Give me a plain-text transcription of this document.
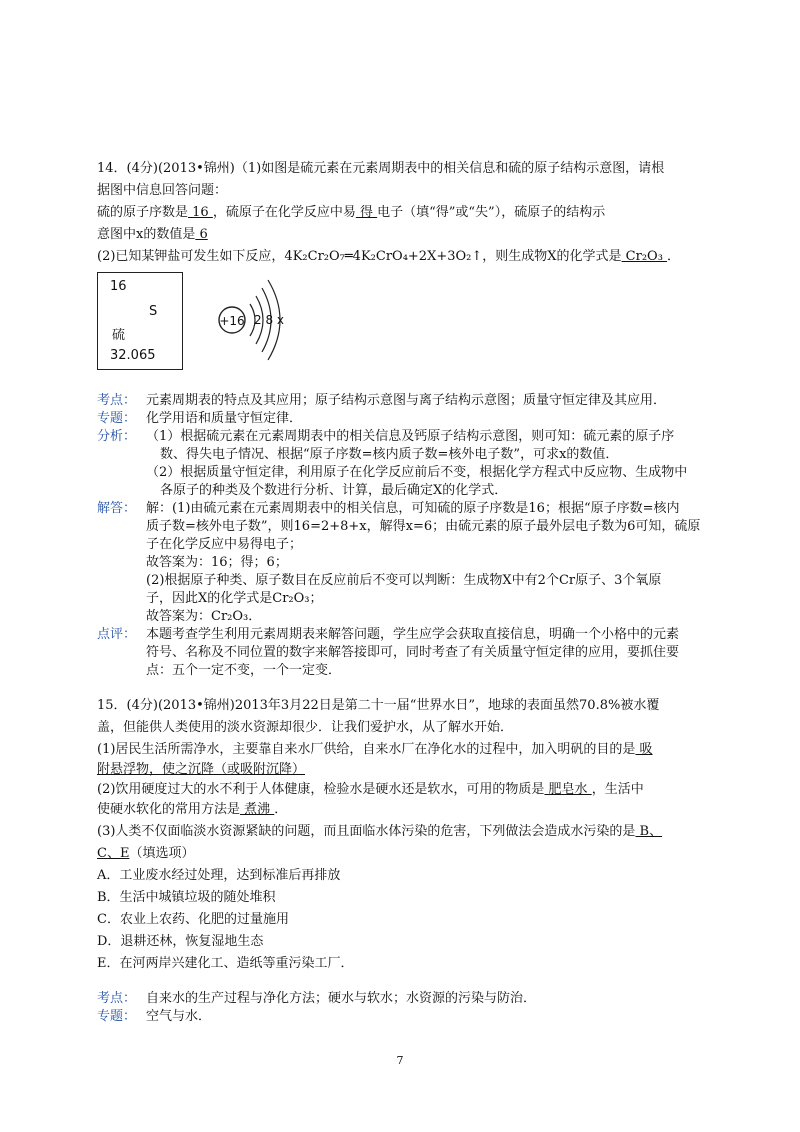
14．(4分)(2013•锦州)（1)如图是硫元素在元素周期表中的相关信息和硫的原子结构示意图，请根
据图中信息回答问题：
硫的原子序数是 16 ，硫原子在化学反应中易 得 电子（填“得”或“失”），硫原子的结构示
意图中x的数值是 6
(2)已知某钾盐可发生如下反应，4K₂Cr₂O₇═4K₂CrO₄+2X+3O₂↑，则生成物X的化学式是 Cr₂O₃ ．
16
S
硫
32.065
+16 2 8 x
考点： 元素周期表的特点及其应用；原子结构示意图与离子结构示意图；质量守恒定律及其应用．
专题： 化学用语和质量守恒定律．
分析： （1）根据硫元素在元素周期表中的相关信息及钙原子结构示意图，则可知：硫元素的原子序
数、得失电子情况、根据“原子序数=核内质子数=核外电子数”，可求x的数值．
（2）根据质量守恒定律，利用原子在化学反应前后不变，根据化学方程式中反应物、生成物中
各原子的种类及个数进行分析、计算，最后确定X的化学式．
解答： 解：(1)由硫元素在元素周期表中的相关信息，可知硫的原子序数是16；根据“原子序数=核内
质子数=核外电子数”，则16=2+8+x，解得x=6；由硫元素的原子最外层电子数为6可知，硫原
子在化学反应中易得电子；
故答案为：16；得；6；
(2)根据原子种类、原子数目在反应前后不变可以判断：生成物X中有2个Cr原子、3个氧原
子，因此X的化学式是Cr₂O₃；
故答案为：Cr₂O₃．
点评： 本题考查学生利用元素周期表来解答问题，学生应学会获取直接信息，明确一个小格中的元素
符号、名称及不同位置的数字来解答接即可，同时考查了有关质量守恒定律的应用，要抓住要
点：五个一定不变，一个一定变．
15．(4分)(2013•锦州)2013年3月22日是第二十一届“世界水日”，地球的表面虽然70.8%被水覆
盖，但能供人类使用的淡水资源却很少．让我们爱护水，从了解水开始．
(1)居民生活所需净水，主要靠自来水厂供给，自来水厂在净化水的过程中，加入明矾的目的是 吸
附悬浮物，使之沉降（或吸附沉降）
(2)饮用硬度过大的水不利于人体健康，检验水是硬水还是软水，可用的物质是 肥皂水 ，生活中
使硬水软化的常用方法是 煮沸 ．
(3)人类不仅面临淡水资源紧缺的问题，而且面临水体污染的危害，下列做法会造成水污染的是 B、
C、E（填选项）
A．工业废水经过处理，达到标准后再排放
B．生活中城镇垃圾的随处堆积
C．农业上农药、化肥的过量施用
D．退耕还林，恢复湿地生态
E．在河两岸兴建化工、造纸等重污染工厂．
考点： 自来水的生产过程与净化方法；硬水与软水；水资源的污染与防治．
专题： 空气与水．
7
